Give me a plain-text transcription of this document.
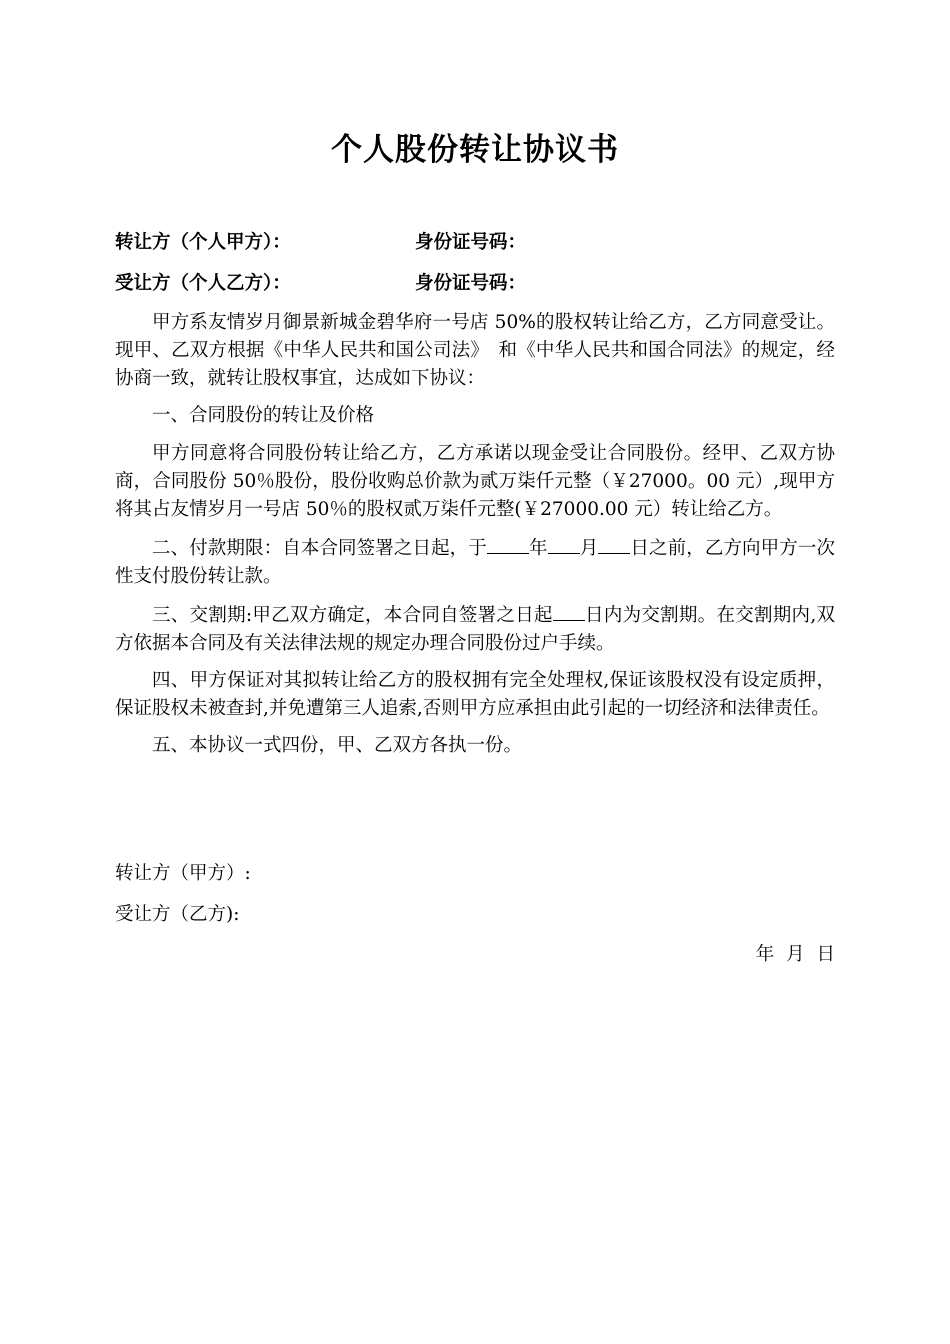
个人股份转让协议书
转让方（个人甲方）：	身份证号码：
受让方（个人乙方）：	身份证号码：

甲方系友情岁月御景新城金碧华府一号店 50%的股权转让给乙方，乙方同意受让。现甲、乙双方根据《中华人民共和国公司法》　和《中华人民共和国合同法》的规定，经协商一致，就转让股权事宜，达成如下协议：

一、合同股份的转让及价格

甲方同意将合同股份转让给乙方，乙方承诺以现金受让合同股份。经甲、乙双方协商，合同股份 50％股份，股份收购总价款为贰万柒仟元整（￥27000。00 元）,现甲方将其占友情岁月一号店 50％的股权贰万柒仟元整(￥27000.00 元）转让给乙方。

二、付款期限：自本合同签署之日起，于 年 月 日之前，乙方向甲方一次性支付股份转让款。

三、交割期:甲乙双方确定，本合同自签署之日起 日内为交割期。在交割期内,双方依据本合同及有关法律法规的规定办理合同股份过户手续。

四、甲方保证对其拟转让给乙方的股权拥有完全处理权,保证该股权没有设定质押，保证股权未被查封,并免遭第三人追索,否则甲方应承担由此引起的一切经济和法律责任。

五、本协议一式四份，甲、乙双方各执一份。

转让方（甲方）:
受让方（乙方):
年 月 日
